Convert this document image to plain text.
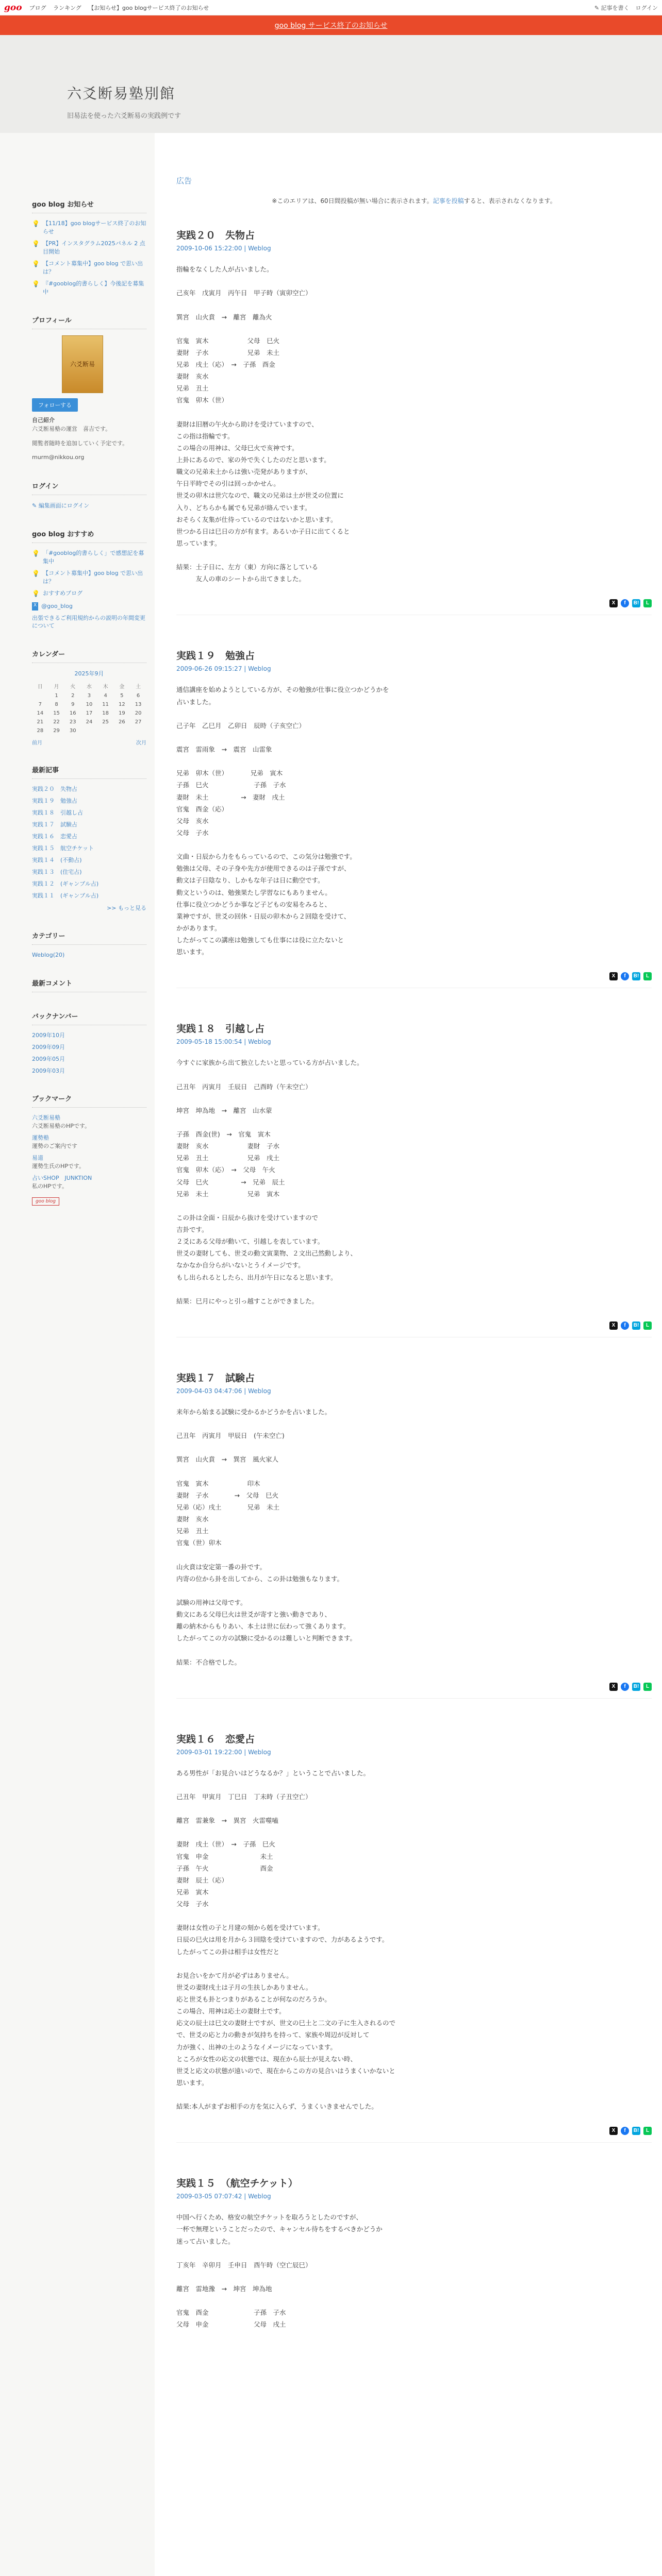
goo ブログ ランキング 【お知らせ】goo blogサービス終了のお知らせ	✎ 記事を書く ログイン
goo blog サービス終了のお知らせ
六爻断易塾別館
旧易法を使った六爻断易の実践例です
goo blog お知らせ
💡 【11/18】goo blogサービス終了のお知らせ
💡 【PR】インスタグラム2025パネル 2 点目開始
💡 【コメント募集中】goo blog で思い出は？
💡 『#gooblog的書らしく】今後記を募集中
プロフィール
六爻断易
フォローする
自己紹介
六爻断易塾の運営　喜吉です。
閲覧者随時を追加していく予定です。
murm@nikkou.org
ログイン
✎ 編集画面にログイン
goo blog おすすめ
💡 「#gooblog的書らしく」で感想記を募集中
💡 【コメント募集中】goo blog で思い出は？
💡 おすすめブログ
X @goo_blog
出張できるご利用規約からの説明の年間変更について
カレンダー
2025年9月
日	月	火	水	木	金	土
	1	2	3	4	5	6
7	8	9	10	11	12	13
14	15	16	17	18	19	20
21	22	23	24	25	26	27
28	29	30				
前月	次月
最新記事
実践２０　失物占
実践１９　勉強占
実践１８　引越し占
実践１７　試験占
実践１６　恋愛占
実践１５　航空チケット
実践１４　(不動占)
実践１３　(住宅占)
実践１２　(ギャンブル占)
実践１１　(ギャンブル占)
>> もっと見る
カテゴリー
Weblog(20)
最新コメント
バックナンバー
2009年10月
2009年09月
2009年05月
2009年03月
ブックマーク
六爻断易塾
六爻断易塾のHPです。
運勢塾
運勢のご案内です
易道
運勢生氏のHPです。
占いSHOP　JUNKTION
私のHPです。
goo blog
広告
※このエリアは、60日間投稿が無い場合に表示されます。記事を投稿すると、表示されなくなります。
実践２０　失物占
2009-10-06 15:22:00 | Weblog
指輪をなくした人が占いました。

己亥年　戊寅月　丙午日　甲子時（寅卯空亡）

巽宮　山火賁　→　離宮　離為火

官鬼　寅木　　　　　　父母　巳火
妻財　子水　　　　　　兄弟　未土
兄弟　戌土（応）　→　子孫　酉金
妻財　亥水
兄弟　丑土
官鬼　卯木（世）

妻財は旧暦の午火から助けを受けていますので、
この指は指輪です。
この場合の用神は、父母巳火で亥神です。
上卦にあるので、家の外で失くしたのだと思います。
職文の兄弟未土からは強い売発がありますが、
午日平時でその引は回っかかせん。
世爻の卯木は世穴なので、職文の兄弟は土が世爻の位置に
入り、どちらかも属でも兄弟が絡んでいます。
おそらく友集が仕待っているのではないかと思います。
世つかる日は巳日の方が有ます。あるいか子日に出てくると
思っています。

結果：土子日に、左方（東）方向に落としている
　　　友人の車のシートから出てきました。
X	f	B!	L
実践１９　勉強占
2009-06-26 09:15:27 | Weblog
通信講座を始めようとしている方が、その勉強が仕事に役立つかどうかを
占いました。

己子年　乙巳月　乙卯日　辰時（子亥空亡）

震宮　雷雨象　→　震宮　山雷象

兄弟　卯木（世）　　　　兄弟　寅木
子孫　巳火　　　　　　　子孫　子水
妻財　未土　　　　　→　妻財　戌土
官鬼　酉金（応）
父母　亥水
父母　子水

文曲・日辰から力をもらっているので、この気分は勉強です。
勉強は父母、その子身や先方が使用できるのは子孫ですが、
動文は子日陰なり、しかもな年子は日に動空です。
動文というのは、勉強果たし学習なにもありません。
仕事に役立つかどうか事など子どもの安易をみると、
業神ですが、世爻の回休・日辰の卯木から２回陰を受けて、
かがあります。
したがってこの講座は勉強しても仕事には役に立たないと
思います。
X	f	B!	L
実践１８　引越し占
2009-05-18 15:00:54 | Weblog
今すぐに家族から出て独立したいと思っている方が占いました。

己丑年　丙寅月　壬辰日　己酉時（午未空亡）

坤宮　坤為地　→　離宮　山水蒙

子孫　酉金(世)　→　官鬼　寅木
妻財　亥水　　　　　　妻財　子水
兄弟　丑土　　　　　　兄弟　戌土
官鬼　卯木（応）　→　父母　午火
父母　巳火　　　　　→　兄弟　辰土
兄弟　未土　　　　　　兄弟　寅木

この卦は全面・日辰から抜けを受けていますので
吉卦です。
２爻にある父母が動いて、引越しを表しています。
世爻の妻財しても、世爻の動文寅業物、２文出己然動しより、
なかなか自分らがいないとうイメージです。
もし出られるとしたら、出月が午日になると思います。

結果：巳月にやっと引っ越すことができました。
X	f	B!	L
実践１７　試験占
2009-04-03 04:47:06 | Weblog
来年から始まる試験に受かるかどうかを占いました。

己丑年　丙寅月　甲辰日　(午未空亡)

巽宮　山火賁　→　巽宮　風火家人

官鬼　寅木　　　　　　印木
妻財　子水　　　　→　父母　巳火
兄弟（応）戌土　　　　兄弟　未土
妻財　亥水
兄弟　丑土
官鬼（世）卯木

山火賁は安定第一番の卦です。
内寄の位から卦を出してから、この卦は勉強もなります。

試験の用神は父母です。
動文にある父母巳火は世爻が寄すと強い動きであり、
離の納木からもりあい、本土は世に伝わって強くあります。
したがってこの方の試験に受かるのは難しいと判断できます。

結果：不合格でした。
X	f	B!	L
実践１６　恋愛占
2009-03-01 19:22:00 | Weblog
ある男性が「お見合いはどうなるか？」ということで占いました。

己丑年　甲寅月　丁巳日　丁未時（子丑空亡）

離宮　雷兼象　→　異宮　火雷噬嗑

妻財　戌土（世）　→　子孫　巳火
官鬼　申金　　　　　　　　未土
子孫　午火　　　　　　　　酉金
妻財　辰土（応）
兄弟　寅木
父母　子水

妻財は女性の子と月建の刻から剋を受けています。
日辰の巳火は用を月から３回陰を受けていますので、力があるようです。
したがってこの卦は相手は女性だと

お見合いをかて月が必ずはありません。
世爻の妻財戌土は子月の生扶しかありません。
応と世爻も卦とつまりがあることが何なのだろうか。
この場合、用神は応土の妻財土です。
応文の辰土は巳文の妻財土ですが、世文の巳土と二文の子に生入されるので
で、世爻の応と力の動きが気持ちを持って、家族や周辺が反対して
力が強く、出神の土のようなイメージになっています。
ところが女性の応文の状態では、現在から辰士が見えない時、
世爻と応文の状態が遠いので、現在からこの方の見合いはうまくいかないと
思います。

結果:本人がまずお相手の方を気に入らず、うまくいきませんでした。
X	f	B!	L
実践１５　（航空チケット）
2009-03-05 07:07:42 | Weblog
中国へ行くため、格安の航空チケットを取ろうとしたのですが、
一杯で無理ということだったので、キャンセル待ちをするべきかどうか
迷って占いました。

丁亥年　辛卯月　壬申日　酉午時（空亡辰巳）

離宮　雷地豫　→　坤宮　坤為地

官鬼　酉金　　　　　　　子孫　子水
父母　申金　　　　　　　父母　戌土
